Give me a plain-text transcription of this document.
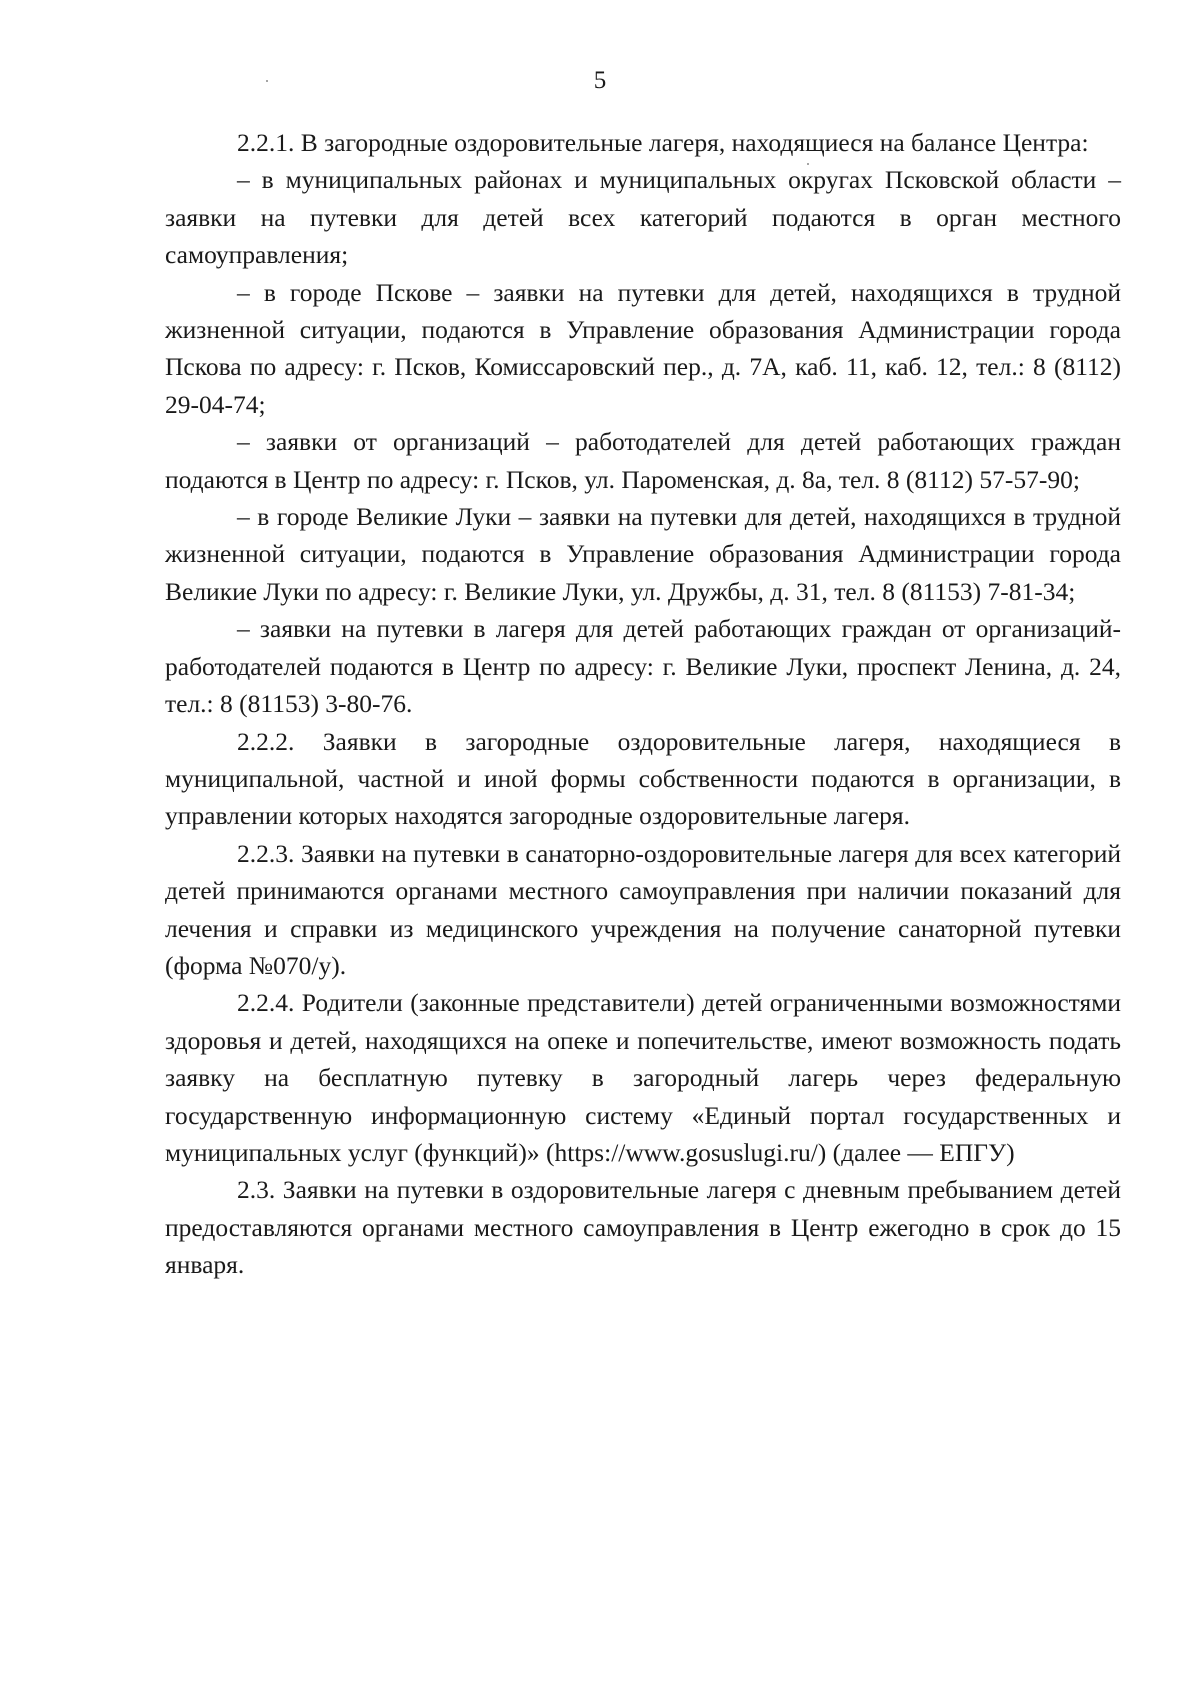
5

2.2.1. В загородные оздоровительные лагеря, находящиеся на балансе Центра:

– в муниципальных районах и муниципальных округах Псковской области – заявки на путевки для детей всех категорий подаются в орган местного самоуправления;

– в городе Пскове – заявки на путевки для детей, находящихся в трудной жизненной ситуации, подаются в Управление образования Администрации города Пскова по адресу: г. Псков, Комиссаровский пер., д. 7А, каб. 11, каб. 12, тел.: 8 (8112) 29-04-74;

– заявки от организаций – работодателей для детей работающих граждан подаются в Центр по адресу: г. Псков, ул. Пароменская, д. 8а, тел. 8 (8112) 57-57-90;

– в городе Великие Луки – заявки на путевки для детей, находящихся в трудной жизненной ситуации, подаются в Управление образования Администрации города Великие Луки по адресу: г. Великие Луки, ул. Дружбы, д. 31, тел. 8 (81153) 7-81-34;

– заявки на путевки в лагеря для детей работающих граждан от организаций-работодателей подаются в Центр по адресу: г. Великие Луки, проспект Ленина, д. 24, тел.: 8 (81153) 3-80-76.

2.2.2. Заявки в загородные оздоровительные лагеря, находящиеся в муниципальной, частной и иной формы собственности подаются в организации, в управлении которых находятся загородные оздоровительные лагеря.

2.2.3. Заявки на путевки в санаторно-оздоровительные лагеря для всех категорий детей принимаются органами местного самоуправления при наличии показаний для лечения и справки из медицинского учреждения на получение санаторной путевки (форма №070/у).

2.2.4. Родители (законные представители) детей ограниченными возможностями здоровья и детей, находящихся на опеке и попечительстве, имеют возможность подать заявку на бесплатную путевку в загородный лагерь через федеральную государственную информационную систему «Единый портал государственных и муниципальных услуг (функций)» (https://www.gosuslugi.ru/) (далее — ЕПГУ)

2.3. Заявки на путевки в оздоровительные лагеря с дневным пребыванием детей предоставляются органами местного самоуправления в Центр ежегодно в срок до 15 января.
